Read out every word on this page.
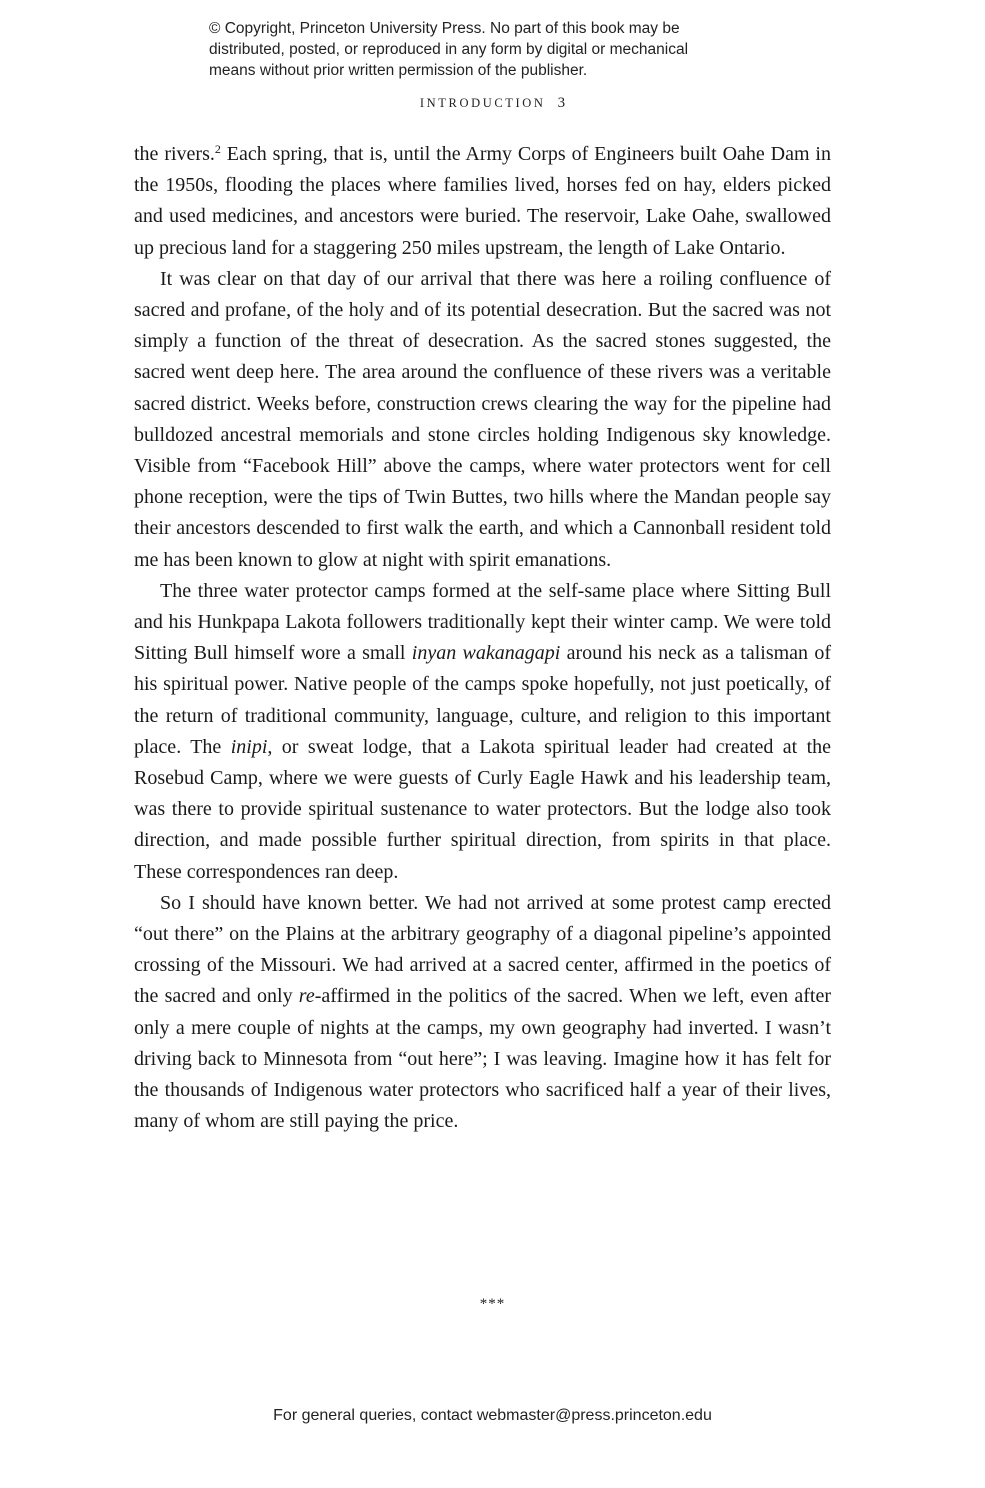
© Copyright, Princeton University Press. No part of this book may be
distributed, posted, or reproduced in any form by digital or mechanical
means without prior written permission of the publisher.
INTRODUCTION 3

the rivers.$^2$ Each spring, that is, until the Army Corps of Engineers built Oahe Dam in the 1950s, flooding the places where families lived, horses fed on hay, elders picked and used medicines, and ancestors were buried. The reservoir, Lake Oahe, swallowed up precious land for a staggering 250 miles upstream, the length of Lake Ontario.

It was clear on that day of our arrival that there was here a roiling confluence of sacred and profane, of the holy and of its potential desecration. But the sacred was not simply a function of the threat of desecration. As the sacred stones suggested, the sacred went deep here. The area around the confluence of these rivers was a veritable sacred district. Weeks before, construction crews clearing the way for the pipeline had bulldozed ancestral memorials and stone circles holding Indigenous sky knowledge. Visible from “Facebook Hill” above the camps, where water protectors went for cell phone reception, were the tips of Twin Buttes, two hills where the Mandan people say their ancestors descended to first walk the earth, and which a Cannonball resident told me has been known to glow at night with spirit emanations.

The three water protector camps formed at the self-same place where Sitting Bull and his Hunkpapa Lakota followers traditionally kept their winter camp. We were told Sitting Bull himself wore a small inyan wakanagapi around his neck as a talisman of his spiritual power. Native people of the camps spoke hopefully, not just poetically, of the return of traditional community, language, culture, and religion to this important place. The inipi, or sweat lodge, that a Lakota spiritual leader had created at the Rosebud Camp, where we were guests of Curly Eagle Hawk and his leadership team, was there to provide spiritual sustenance to water protectors. But the lodge also took direction, and made possible further spiritual direction, from spirits in that place. These correspondences ran deep.

So I should have known better. We had not arrived at some protest camp erected “out there” on the Plains at the arbitrary geography of a diagonal pipeline’s appointed crossing of the Missouri. We had arrived at a sacred center, affirmed in the poetics of the sacred and only re-affirmed in the politics of the sacred. When we left, even after only a mere couple of nights at the camps, my own geography had inverted. I wasn’t driving back to Minnesota from “out here”; I was leaving. Imagine how it has felt for the thousands of Indigenous water protectors who sacrificed half a year of their lives, many of whom are still paying the price.

***
For general queries, contact webmaster@press.princeton.edu
